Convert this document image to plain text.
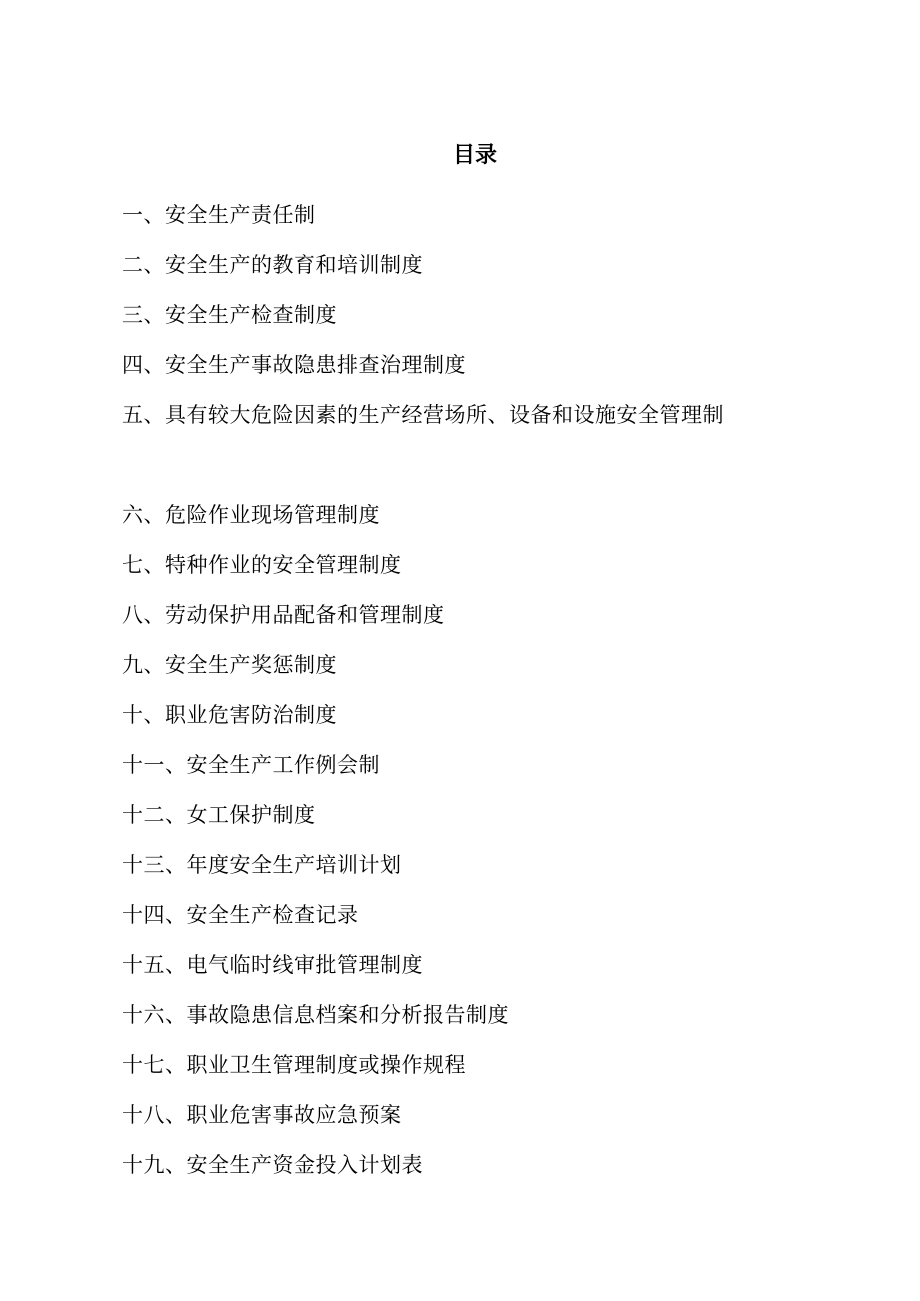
目录
一、安全生产责任制
二、安全生产的教育和培训制度
三、安全生产检查制度
四、安全生产事故隐患排查治理制度
五、具有较大危险因素的生产经营场所、设备和设施安全管理制
六、危险作业现场管理制度
七、特种作业的安全管理制度
八、劳动保护用品配备和管理制度
九、安全生产奖惩制度
十、职业危害防治制度
十一、安全生产工作例会制
十二、女工保护制度
十三、年度安全生产培训计划
十四、安全生产检查记录
十五、电气临时线审批管理制度
十六、事故隐患信息档案和分析报告制度
十七、职业卫生管理制度或操作规程
十八、职业危害事故应急预案
十九、安全生产资金投入计划表
